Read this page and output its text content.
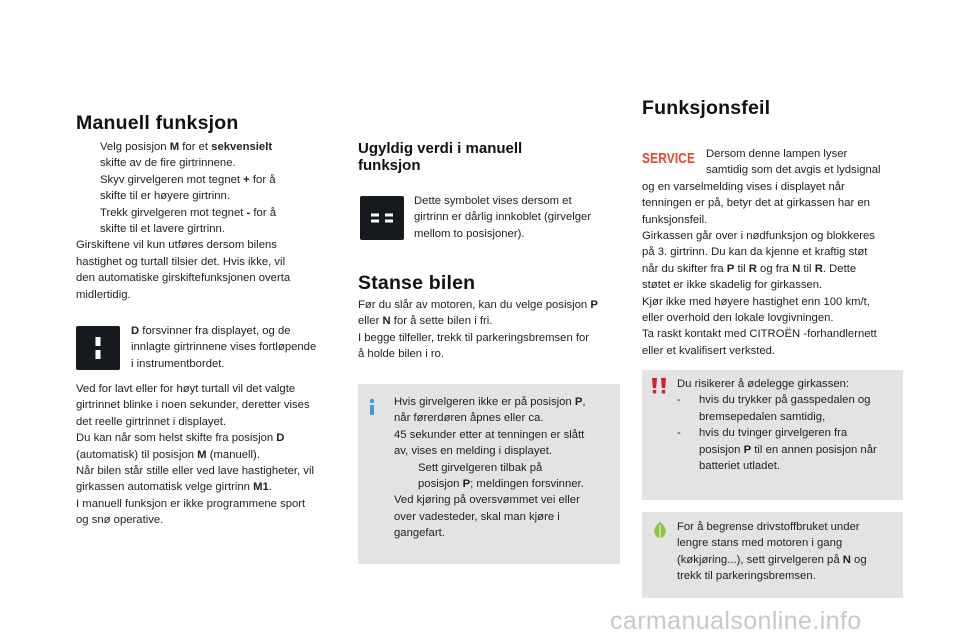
Manuell funksjon

Velg posisjon M for et sekvensielt

skifte av de fire girtrinnene.

Skyv girvelgeren mot tegnet + for å

skifte til er høyere girtrinn.

Trekk girvelgeren mot tegnet - for å

skifte til et lavere girtrinn.

Girskiftene vil kun utføres dersom bilens

hastighet og turtall tilsier det. Hvis ikke, vil

den automatiske girskiftefunksjonen overta

midlertidig.

D forsvinner fra displayet, og de

innlagte girtrinnene vises fortløpende

i instrumentbordet.

Ved for lavt eller for høyt turtall vil det valgte

girtrinnet blinke i noen sekunder, deretter vises

det reelle girtrinnet i displayet.

Du kan når som helst skifte fra posisjon D

(automatisk) til posisjon M (manuell).

Når bilen står stille eller ved lave hastigheter, vil

girkassen automatisk velge girtrinn M1.

I manuell funksjon er ikke programmene sport

og snø operative.

Ugyldig verdi i manuell
funksjon

Dette symbolet vises dersom et

girtrinn er dårlig innkoblet (girvelger

mellom to posisjoner).

Stanse bilen

Før du slår av motoren, kan du velge posisjon P

eller N for å sette bilen i fri.

I begge tilfeller, trekk til parkeringsbremsen for

å holde bilen i ro.

Hvis girvelgeren ikke er på posisjon P,

når førerdøren åpnes eller ca.

45 sekunder etter at tenningen er slått

av, vises en melding i displayet.

Sett girvelgeren tilbak på

posisjon P; meldingen forsvinner.

Ved kjøring på oversvømmet vei eller

over vadesteder, skal man kjøre i

gangefart.

Funksjonsfeil
SERVICE Dersom denne lampen lyser

samtidig som det avgis et lydsignal

og en varselmelding vises i displayet når

tenningen er på, betyr det at girkassen har en

funksjonsfeil.

Girkassen går over i nødfunksjon og blokkeres

på 3. girtrinn. Du kan da kjenne et kraftig støt

når du skifter fra P til R og fra N til R. Dette

støtet er ikke skadelig for girkassen.

Kjør ikke med høyere hastighet enn 100 km/t,

eller overhold den lokale lovgivningen.

Ta raskt kontakt med CITROËN -forhandlernett

eller et kvalifisert verksted.

Du risikerer å ødelegge girkassen:

- hvis du trykker på gasspedalen og

bremsepedalen samtidig,

- hvis du tvinger girvelgeren fra

posisjon P til en annen posisjon når

batteriet utladet.

For å begrense drivstoffbruket under

lengre stans med motoren i gang

(køkjøring...), sett girvelgeren på N og

trekk til parkeringsbremsen.

carmanualsonline.info
